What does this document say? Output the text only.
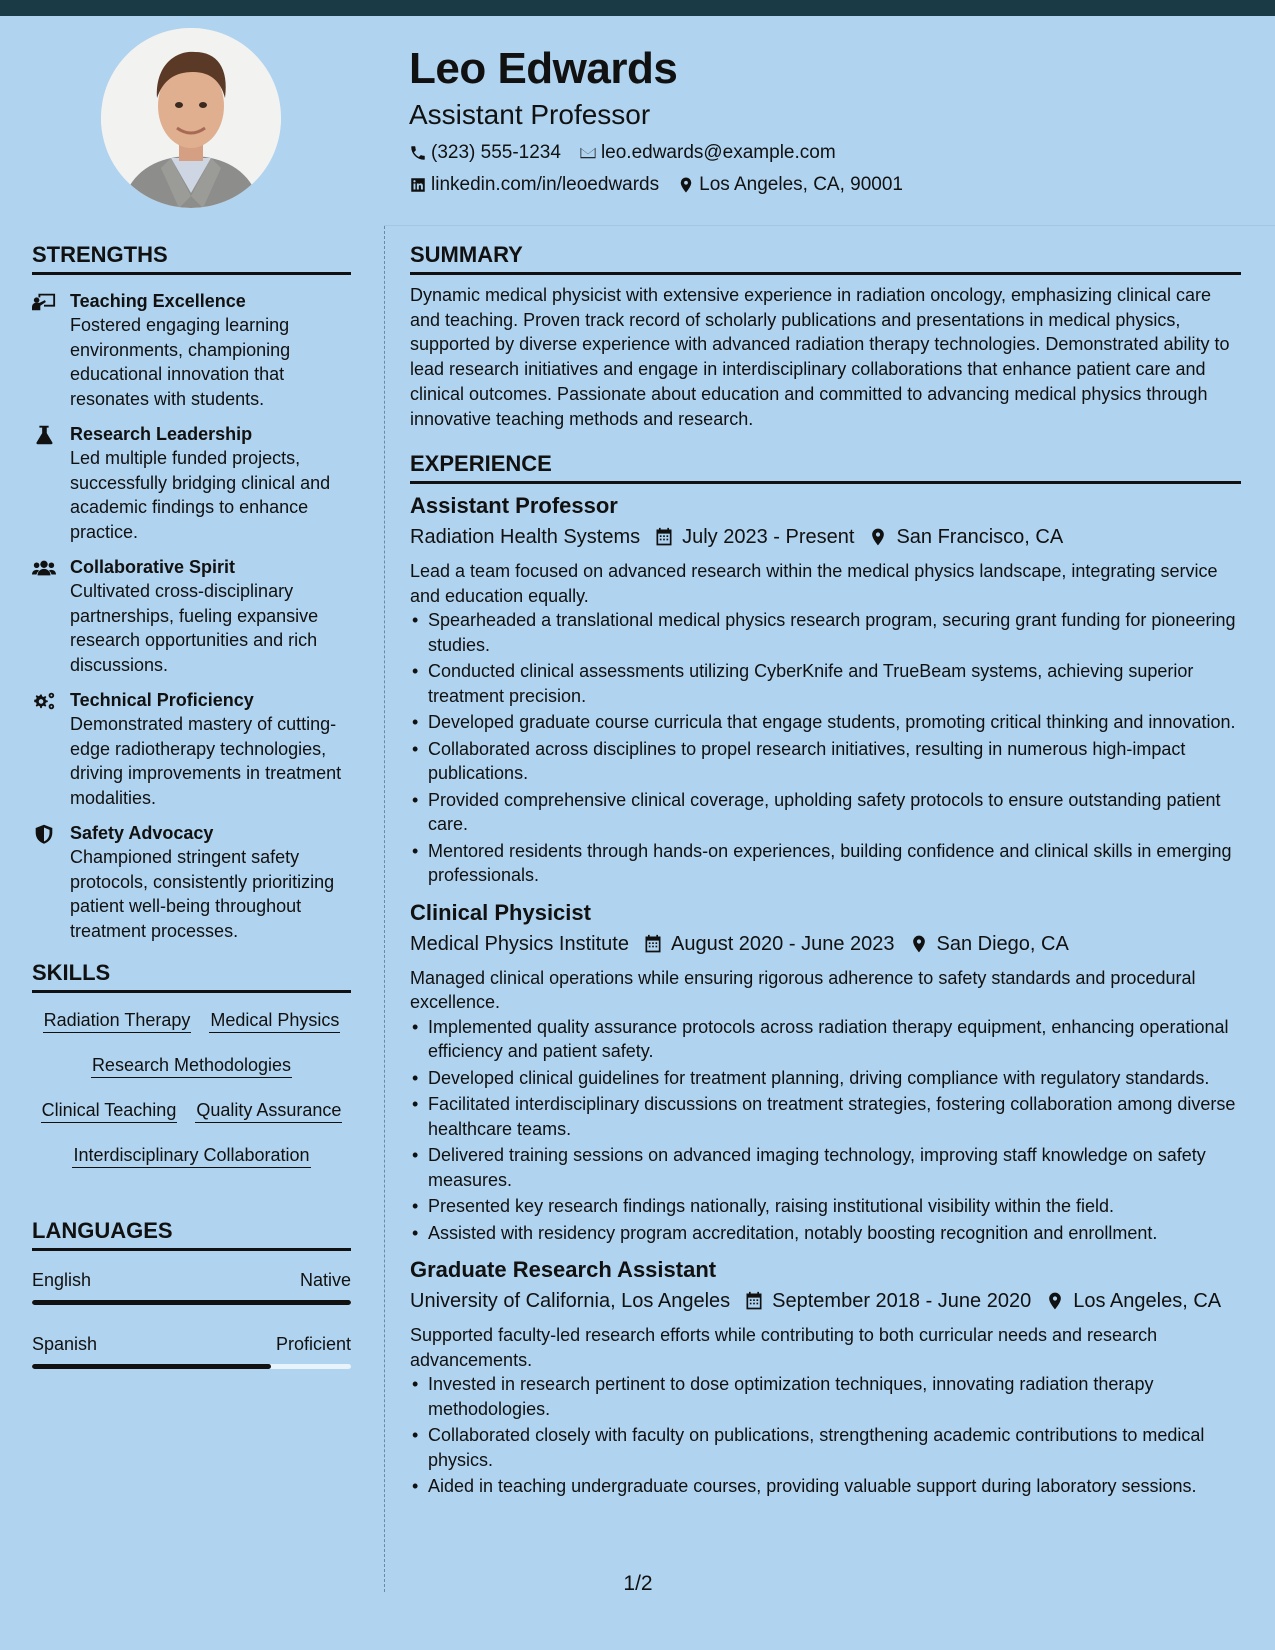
Leo Edwards
Assistant Professor
(323) 555-1234 leo.edwards@example.com
linkedin.com/in/leoedwards Los Angeles, CA, 90001
STRENGTHS
Teaching Excellence
Fostered engaging learning environments, championing educational innovation that resonates with students.
Research Leadership
Led multiple funded projects, successfully bridging clinical and academic findings to enhance practice.
Collaborative Spirit
Cultivated cross-disciplinary partnerships, fueling expansive research opportunities and rich discussions.
Technical Proficiency
Demonstrated mastery of cutting-edge radiotherapy technologies, driving improvements in treatment modalities.
Safety Advocacy
Championed stringent safety protocols, consistently prioritizing patient well-being throughout treatment processes.
SKILLS
Radiation Therapy Medical Physics
Research Methodologies
Clinical Teaching Quality Assurance
Interdisciplinary Collaboration
LANGUAGES
English	Native
Spanish	Proficient
SUMMARY

Dynamic medical physicist with extensive experience in radiation oncology, emphasizing clinical care and teaching. Proven track record of scholarly publications and presentations in medical physics, supported by diverse experience with advanced radiation therapy technologies. Demonstrated ability to lead research initiatives and engage in interdisciplinary collaborations that enhance patient care and clinical outcomes. Passionate about education and committed to advancing medical physics through innovative teaching methods and research.

EXPERIENCE
Assistant Professor
Radiation Health Systems July 2023 - Present San Francisco, CA

Lead a team focused on advanced research within the medical physics landscape, integrating service and education equally.

• Spearheaded a translational medical physics research program, securing grant funding for pioneering studies.
• Conducted clinical assessments utilizing CyberKnife and TrueBeam systems, achieving superior treatment precision.
• Developed graduate course curricula that engage students, promoting critical thinking and innovation.
• Collaborated across disciplines to propel research initiatives, resulting in numerous high-impact publications.
• Provided comprehensive clinical coverage, upholding safety protocols to ensure outstanding patient care.
• Mentored residents through hands-on experiences, building confidence and clinical skills in emerging professionals.
Clinical Physicist
Medical Physics Institute August 2020 - June 2023 San Diego, CA

Managed clinical operations while ensuring rigorous adherence to safety standards and procedural excellence.

• Implemented quality assurance protocols across radiation therapy equipment, enhancing operational efficiency and patient safety.
• Developed clinical guidelines for treatment planning, driving compliance with regulatory standards.
• Facilitated interdisciplinary discussions on treatment strategies, fostering collaboration among diverse healthcare teams.
• Delivered training sessions on advanced imaging technology, improving staff knowledge on safety measures.
• Presented key research findings nationally, raising institutional visibility within the field.
• Assisted with residency program accreditation, notably boosting recognition and enrollment.
Graduate Research Assistant
University of California, Los Angeles September 2018 - June 2020 Los Angeles, CA

Supported faculty-led research efforts while contributing to both curricular needs and research advancements.

• Invested in research pertinent to dose optimization techniques, innovating radiation therapy methodologies.
• Collaborated closely with faculty on publications, strengthening academic contributions to medical physics.
• Aided in teaching undergraduate courses, providing valuable support during laboratory sessions.
1/2
